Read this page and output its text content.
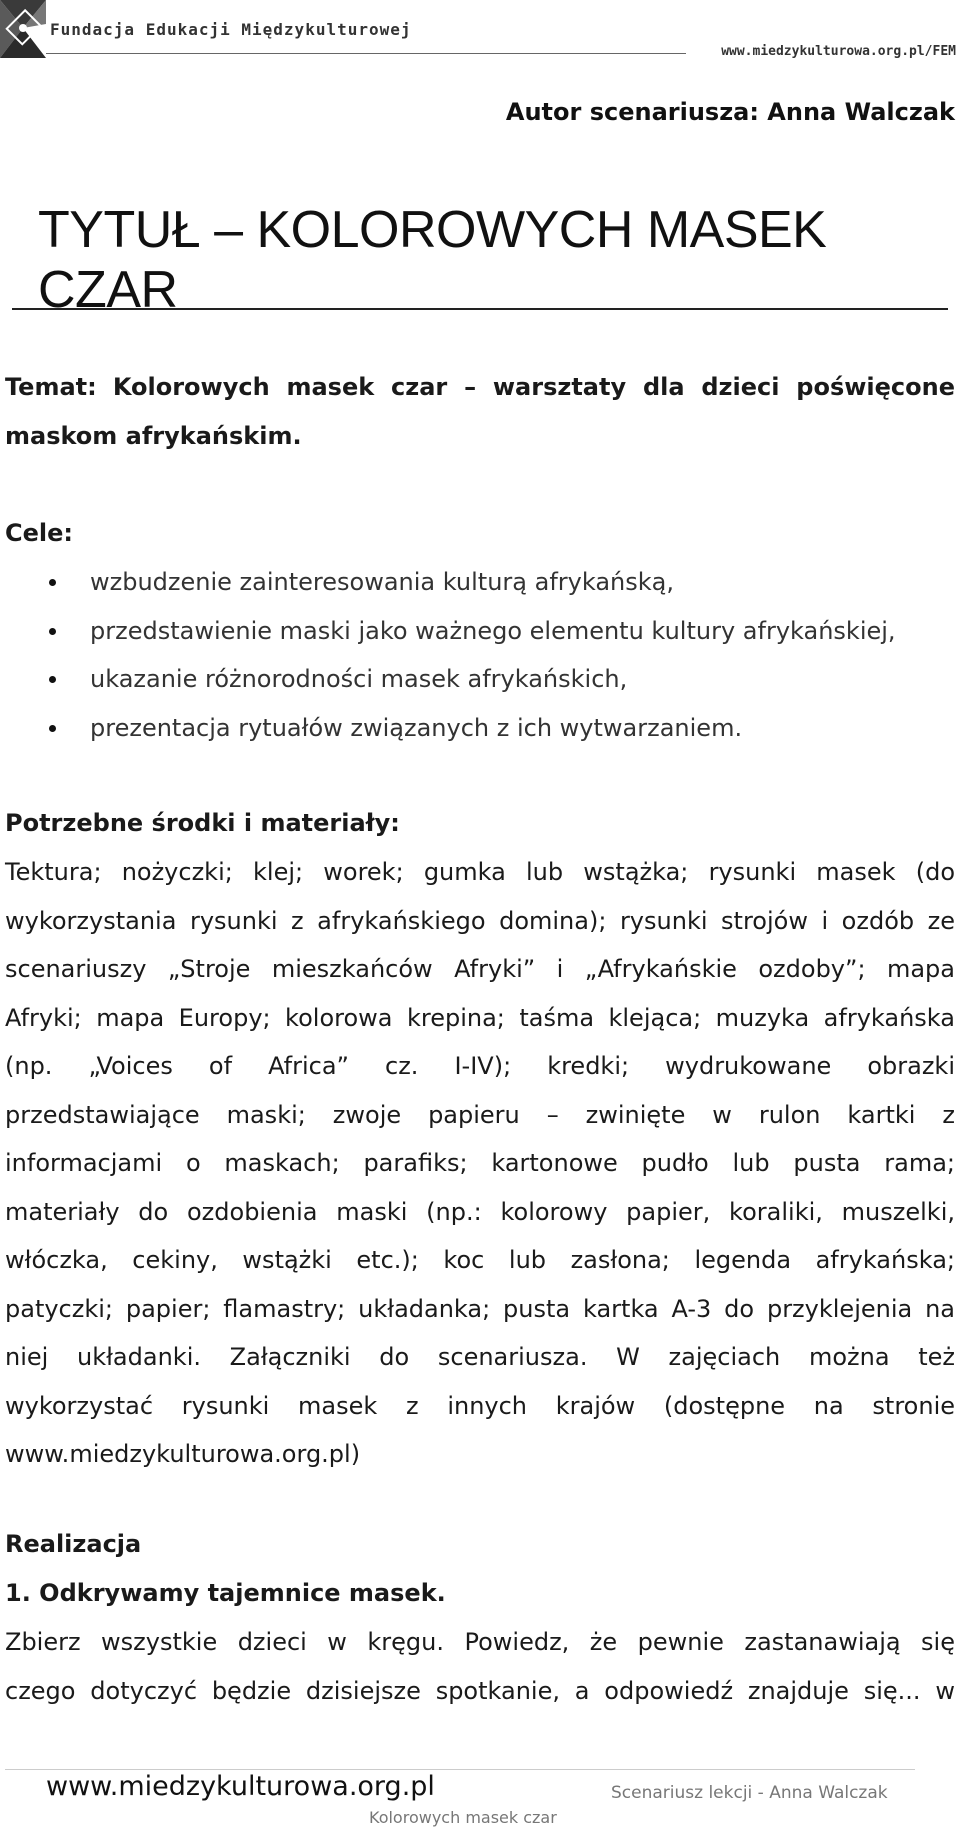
Fundacja Edukacji Międzykulturowej
www.miedzykulturowa.org.pl/FEM
Autor scenariusza: Anna Walczak
TYTUŁ – KOLOROWYCH MASEK CZAR
Temat: Kolorowych masek czar – warsztaty dla dzieci poświęcone
maskom afrykańskim.
Cele:
wzbudzenie zainteresowania kulturą afrykańską,
przedstawienie maski jako ważnego elementu kultury afrykańskiej,
ukazanie różnorodności masek afrykańskich,
prezentacja rytuałów związanych z ich wytwarzaniem.
Potrzebne środki i materiały:
Tektura; nożyczki; klej; worek; gumka lub wstążka; rysunki masek (do
wykorzystania rysunki z afrykańskiego domina); rysunki strojów i ozdób ze
scenariuszy „Stroje mieszkańców Afryki” i „Afrykańskie ozdoby”; mapa
Afryki; mapa Europy; kolorowa krepina; taśma klejąca; muzyka afrykańska
(np. „Voices of Africa” cz. I-IV); kredki; wydrukowane obrazki
przedstawiające maski; zwoje papieru – zwinięte w rulon kartki z
informacjami o maskach; parafiks; kartonowe pudło lub pusta rama;
materiały do ozdobienia maski (np.: kolorowy papier, koraliki, muszelki,
włóczka, cekiny, wstążki etc.); koc lub zasłona; legenda afrykańska;
patyczki; papier; flamastry; układanka; pusta kartka A-3 do przyklejenia na
niej układanki. Załączniki do scenariusza. W zajęciach można też
wykorzystać rysunki masek z innych krajów (dostępne na stronie
www.miedzykulturowa.org.pl)
Realizacja
1. Odkrywamy tajemnice masek.
Zbierz wszystkie dzieci w kręgu. Powiedz, że pewnie zastanawiają się
czego dotyczyć będzie dzisiejsze spotkanie, a odpowiedź znajduje się... w
www.miedzykulturowa.org.pl	Scenariusz lekcji - Anna Walczak
Kolorowych masek czar
